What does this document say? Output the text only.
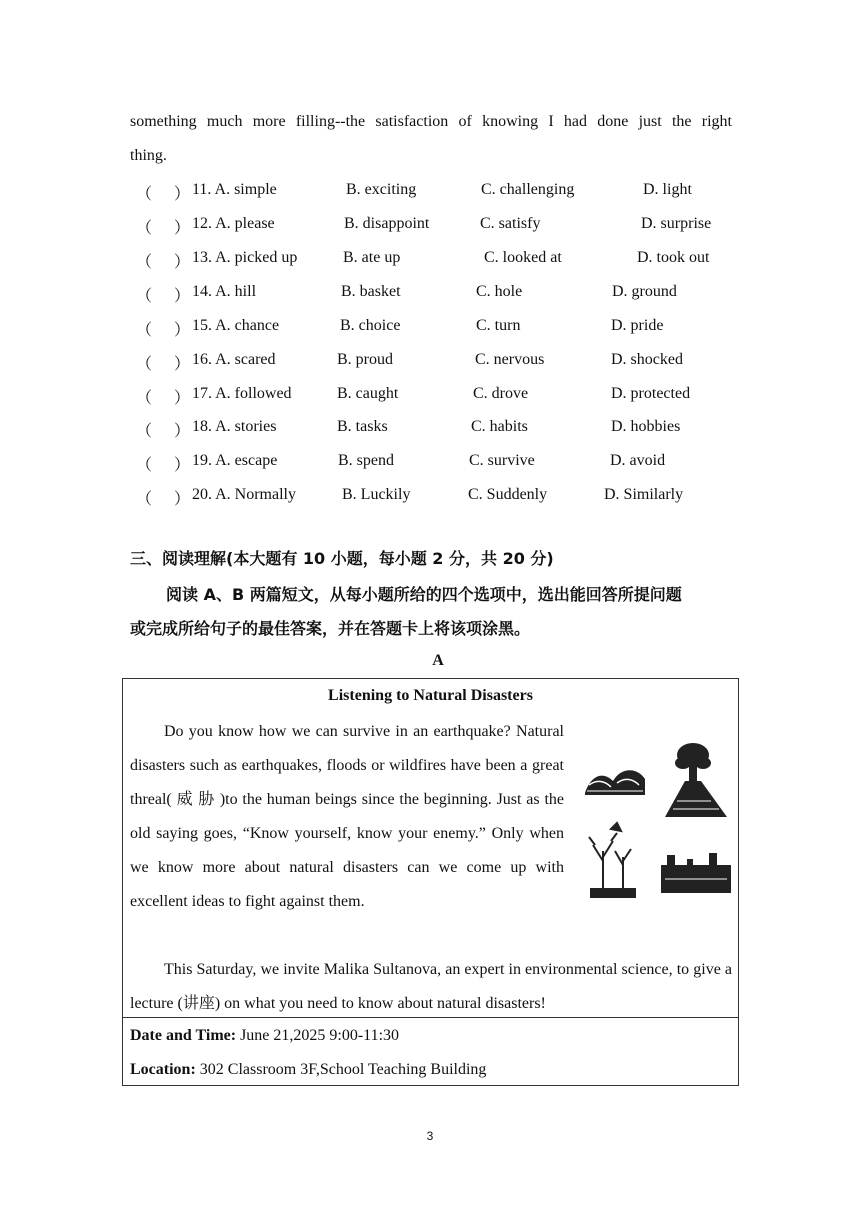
something much more filling--the satisfaction of knowing I had done just the right
thing.
（ ） 11. A. simple	B. exciting	C. challenging	D. light
（ ） 12. A. please	B. disappoint	C. satisfy	D. surprise
（ ） 13. A. picked up	B. ate up	C. looked at	D. took out
（ ） 14. A. hill	B. basket	C. hole	D. ground
（ ） 15. A. chance	B. choice	C. turn	D. pride
（ ） 16. A. scared	B. proud	C. nervous	D. shocked
（ ） 17. A. followed	B. caught	C. drove	D. protected
（ ） 18. A. stories	B. tasks	C. habits	D. hobbies
（ ） 19. A. escape	B. spend	C. survive	D. avoid
（ ） 20. A. Normally	B. Luckily	C. Suddenly	D. Similarly
三、阅读理解(本大题有 10 小题，每小题 2 分，共 20 分)
阅读 A、B 两篇短文，从每小题所给的四个选项中，选出能回答所提问题
或完成所给句子的最佳答案，并在答题卡上将该项涂黑。
A
Listening to Natural Disasters

Do you know how we can survive in an earthquake? Natural disasters such as earthquakes, floods or wildfires have been a great threal( 威 胁 )to the human beings since the beginning. Just as the old saying goes, “Know yourself, know your enemy.” Only when we know more about natural disasters can we come up with excellent ideas to fight against them.

This Saturday, we invite Malika Sultanova, an expert in environmental science, to give a lecture (讲座) on what you need to know about natural disasters!

Date and Time: June 21,2025 9:00-11:30
Location: 302 Classroom 3F,School Teaching Building
3
